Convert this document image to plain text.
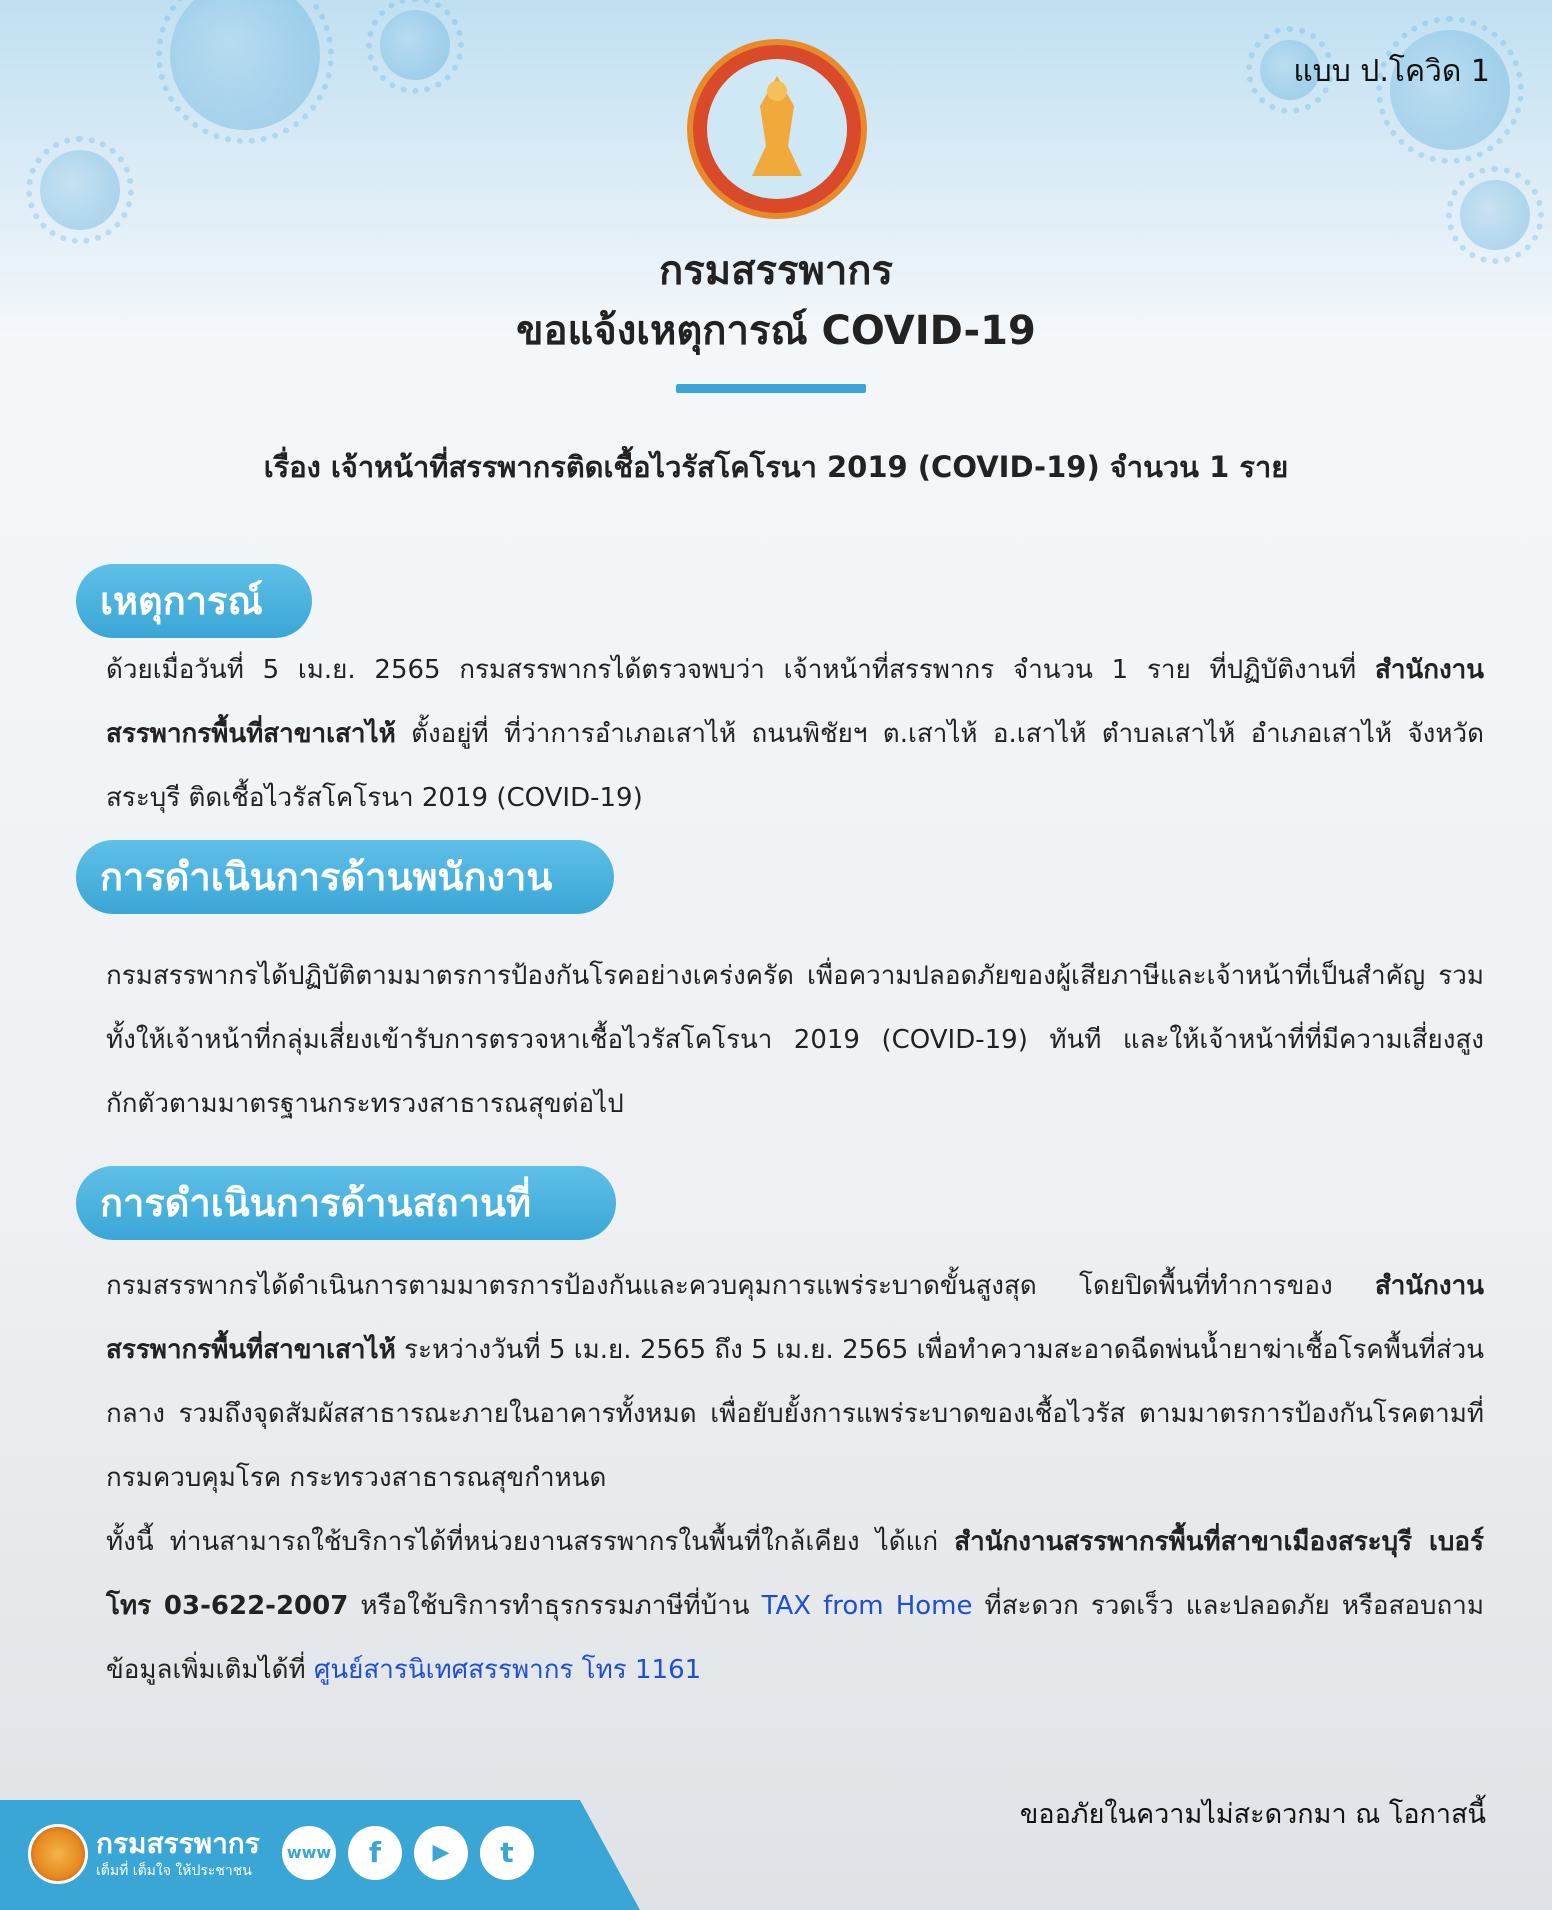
แบบ ป.โควิด 1
กรมสรรพากร
ขอแจ้งเหตุการณ์ COVID-19
เรื่อง เจ้าหน้าที่สรรพากรติดเชื้อไวรัสโคโรนา 2019 (COVID-19) จำนวน 1 ราย
เหตุการณ์
ด้วยเมื่อวันที่ 5 เม.ย. 2565 กรมสรรพากรได้ตรวจพบว่า เจ้าหน้าที่สรรพากร จำนวน 1 ราย ที่ปฏิบัติงานที่ สำนักงานสรรพากรพื้นที่สาขาเสาไห้ ตั้งอยู่ที่ ที่ว่าการอำเภอเสาไห้ ถนนพิชัยฯ ต.เสาไห้ อ.เสาไห้ ตำบลเสาไห้ อำเภอเสาไห้ จังหวัดสระบุรี ติดเชื้อไวรัสโคโรนา 2019 (COVID-19)
การดำเนินการด้านพนักงาน
กรมสรรพากรได้ปฏิบัติตามมาตรการป้องกันโรคอย่างเคร่งครัด เพื่อความปลอดภัยของผู้เสียภาษีและเจ้าหน้าที่เป็นสำคัญ รวมทั้งให้เจ้าหน้าที่กลุ่มเสี่ยงเข้ารับการตรวจหาเชื้อไวรัสโคโรนา 2019 (COVID-19) ทันที และให้เจ้าหน้าที่ที่มีความเสี่ยงสูงกักตัวตามมาตรฐานกระทรวงสาธารณสุขต่อไป
การดำเนินการด้านสถานที่
กรมสรรพากรได้ดำเนินการตามมาตรการป้องกันและควบคุมการแพร่ระบาดขั้นสูงสุด โดยปิดพื้นที่ทำการของ สำนักงานสรรพากรพื้นที่สาขาเสาไห้ ระหว่างวันที่ 5 เม.ย. 2565 ถึง 5 เม.ย. 2565 เพื่อทำความสะอาดฉีดพ่นน้ำยาฆ่าเชื้อโรคพื้นที่ส่วนกลาง รวมถึงจุดสัมผัสสาธารณะภายในอาคารทั้งหมด เพื่อยับยั้งการแพร่ระบาดของเชื้อไวรัส ตามมาตรการป้องกันโรคตามที่กรมควบคุมโรค กระทรวงสาธารณสุขกำหนด
ทั้งนี้ ท่านสามารถใช้บริการได้ที่หน่วยงานสรรพากรในพื้นที่ใกล้เคียง ได้แก่ สำนักงานสรรพากรพื้นที่สาขาเมืองสระบุรี เบอร์โทร 03-622-2007 หรือใช้บริการทำธุรกรรมภาษีที่บ้าน TAX from Home ที่สะดวก รวดเร็ว และปลอดภัย หรือสอบถามข้อมูลเพิ่มเติมได้ที่ ศูนย์สารนิเทศสรรพากร โทร 1161
ขออภัยในความไม่สะดวกมา ณ โอกาสนี้
กรมสรรพากร
เต็มที่ เต็มใจ ให้ประชาชน
www	f	▶	t
